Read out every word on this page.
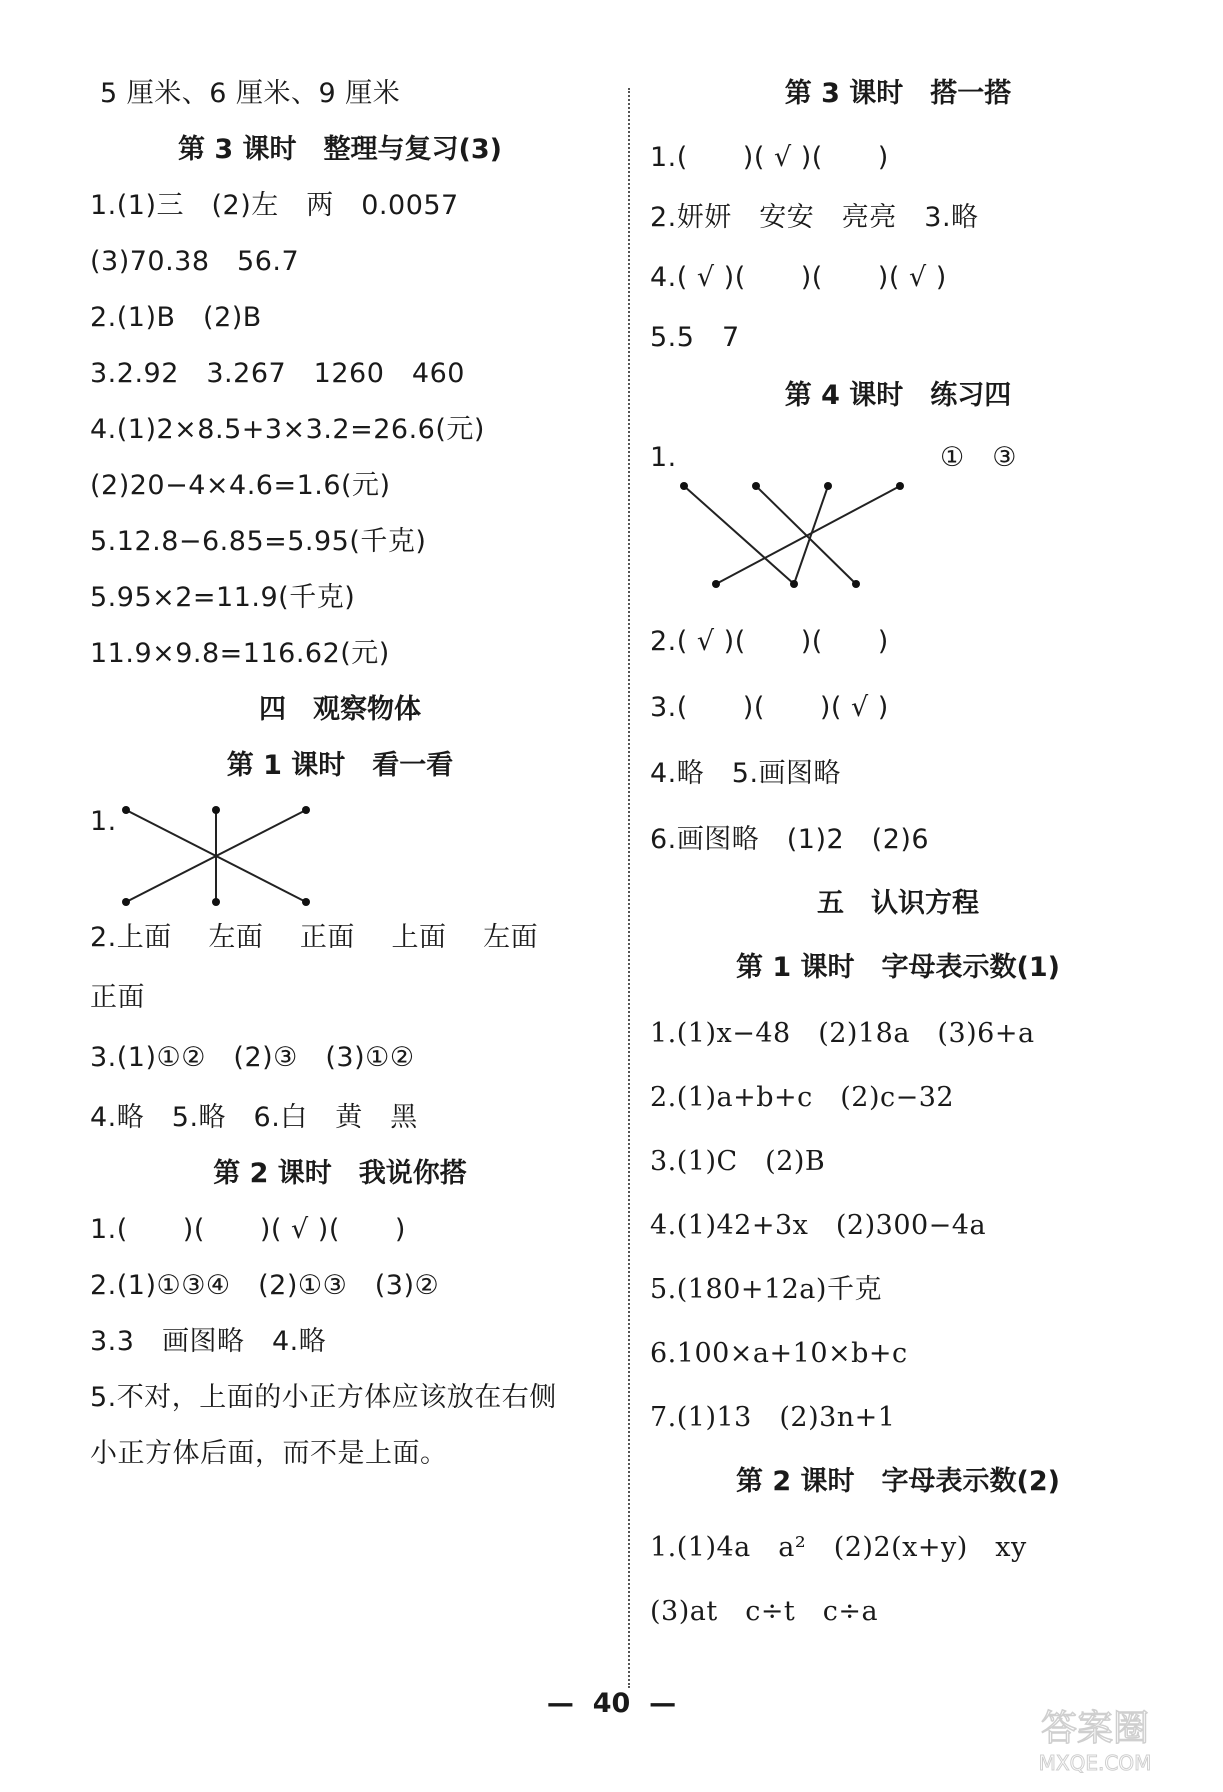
5 厘米、6 厘米、9 厘米
第 3 课时　整理与复习(3)
1.(1)三　(2)左　两　0.0057
(3)70.38　56.7
2.(1)B　(2)B
3.2.92　3.267　1260　460
4.(1)2×8.5+3×3.2=26.6(元)
(2)20−4×4.6=1.6(元)
5.12.8−6.85=5.95(千克)
5.95×2=11.9(千克)
11.9×9.8=116.62(元)
四　观察物体
第 1 课时　看一看
1.
2.上面　 左面　 正面　 上面　 左面
正面
3.(1)①②　(2)③　(3)①②
4.略　5.略　6.白　黄　黑
第 2 课时　我说你搭
1.(　　)(　　)( √ )(　　)
2.(1)①③④　(2)①③　(3)②
3.3　画图略　4.略
5.不对，上面的小正方体应该放在右侧
小正方体后面，而不是上面。
第 3 课时　搭一搭
1.(　　)( √ )(　　)
2.妍妍　安安　亮亮　3.略
4.( √ )(　　)(　　)( √ )
5.5　7
第 4 课时　练习四
1.	①　③
2.( √ )(　　)(　　)
3.(　　)(　　)( √ )
4.略　5.画图略
6.画图略　(1)2　(2)6
五　认识方程
第 1 课时　字母表示数(1)
1.(1)x−48　(2)18a　(3)6+a
2.(1)a+b+c　(2)c−32
3.(1)C　(2)B
4.(1)42+3x　(2)300−4a
5.(180+12a)千克
6.100×a+10×b+c
7.(1)13　(2)3n+1
第 2 课时　字母表示数(2)
1.(1)4a　a²　(2)2(x+y)　xy
(3)at　c÷t　c÷a
—  40  —
答案圈
MXQE.COM
